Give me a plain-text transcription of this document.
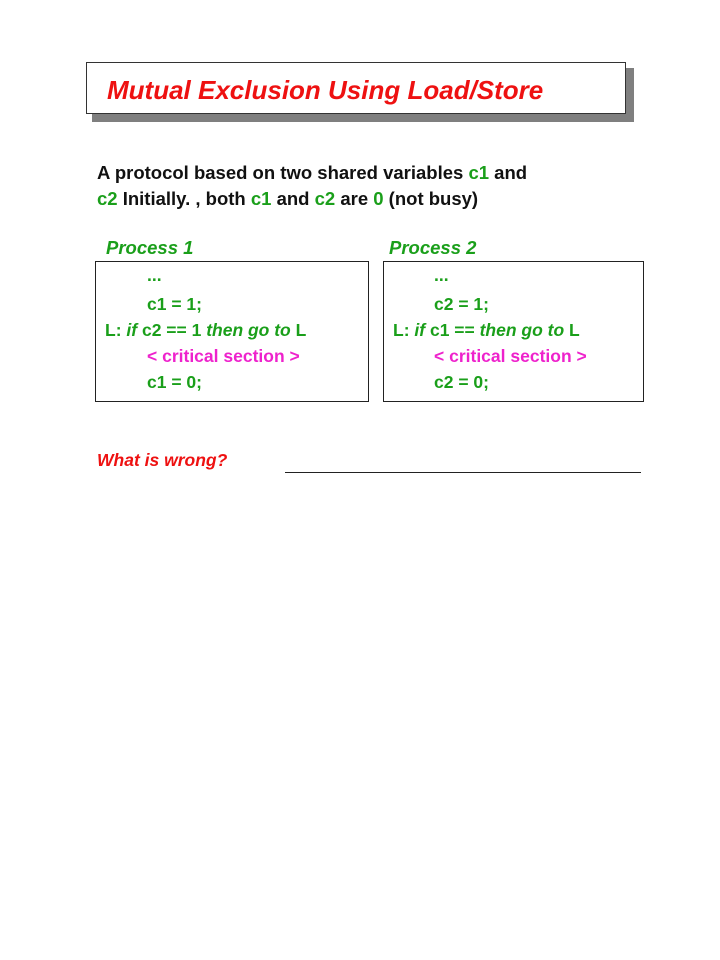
Mutual Exclusion Using Load/Store
A protocol based on two shared variables c1 and
c2 Initially. , both c1 and c2 are 0 (not busy)
Process 1	Process 2
...
c1 = 1;
L: if c2 == 1 then go to L
< critical section >
c1 = 0;
...
c2 = 1;
L: if c1 == then go to L
< critical section >
c2 = 0;
What is wrong?
